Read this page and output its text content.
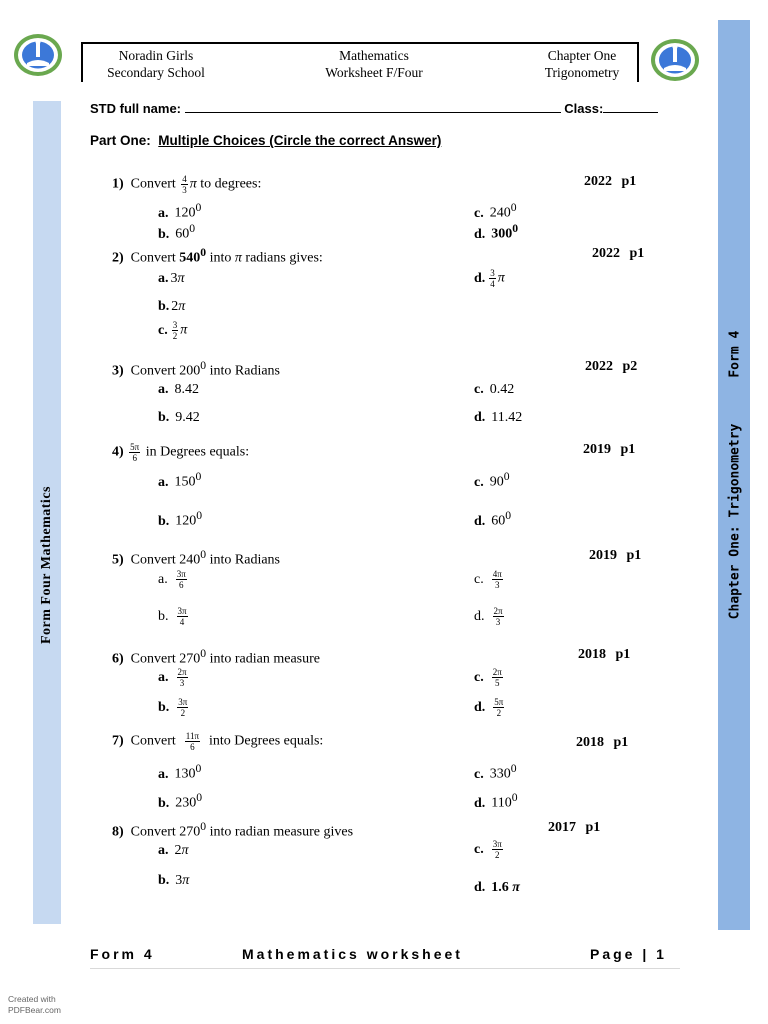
Form Four Mathematics	Chapter One: TrigonometryForm 4
Noradin Girls
Secondary School
Mathematics
Worksheet F/Four
Chapter One
Trigonometry
STD full name:	Class:
Part One: Multiple Choices (Circle the correct Answer)
1) Convert $\frac{4}{3}$ π to degrees:	2022 p1
a. $120^0$
b. $60^0$
c. $240^0$
d. $300^0$
2) Convert $540^0$ into π radians gives:	2022 p1
a. 3π
b. 2π
c. $\frac{3}{2}$ π
d. $\frac{3}{4}$ π
3) Convert $200^0$ into Radians	2022 p2
a. 8.42
b. 9.42
c. 0.42
d. 11.42
$4) \frac{5\pi}{6}$ in Degrees equals:	2019 p1
a. $150^0$
b. $120^0$
c. $90^0$
d. $60^0$
5) Convert $240^0$ into Radians	2019 p1
a. $\frac{3\pi}{6}$
b. $\frac{3\pi}{4}$
c. $\frac{4\pi}{3}$
d. $\frac{2\pi}{3}$
6) Convert $270^0$ into radian measure	2018 p1
a. $\frac{2\pi}{3}$
b. $\frac{3\pi}{2}$
c. $\frac{2\pi}{5}$
d. $\frac{5\pi}{2}$
7) Convert $\frac{11\pi}{6}$ into Degrees equals:	2018 p1
a. $130^0$
b. $230^0$
c. $330^0$
d. $110^0$
8) Convert $270^0$ into radian measure gives	2017 p1
a. 2π
b. 3π
c. $\frac{3\pi}{2}$
d. 1.6 π
Form 4	Mathematics worksheet	Page | 1
Created with
PDFBear.com
